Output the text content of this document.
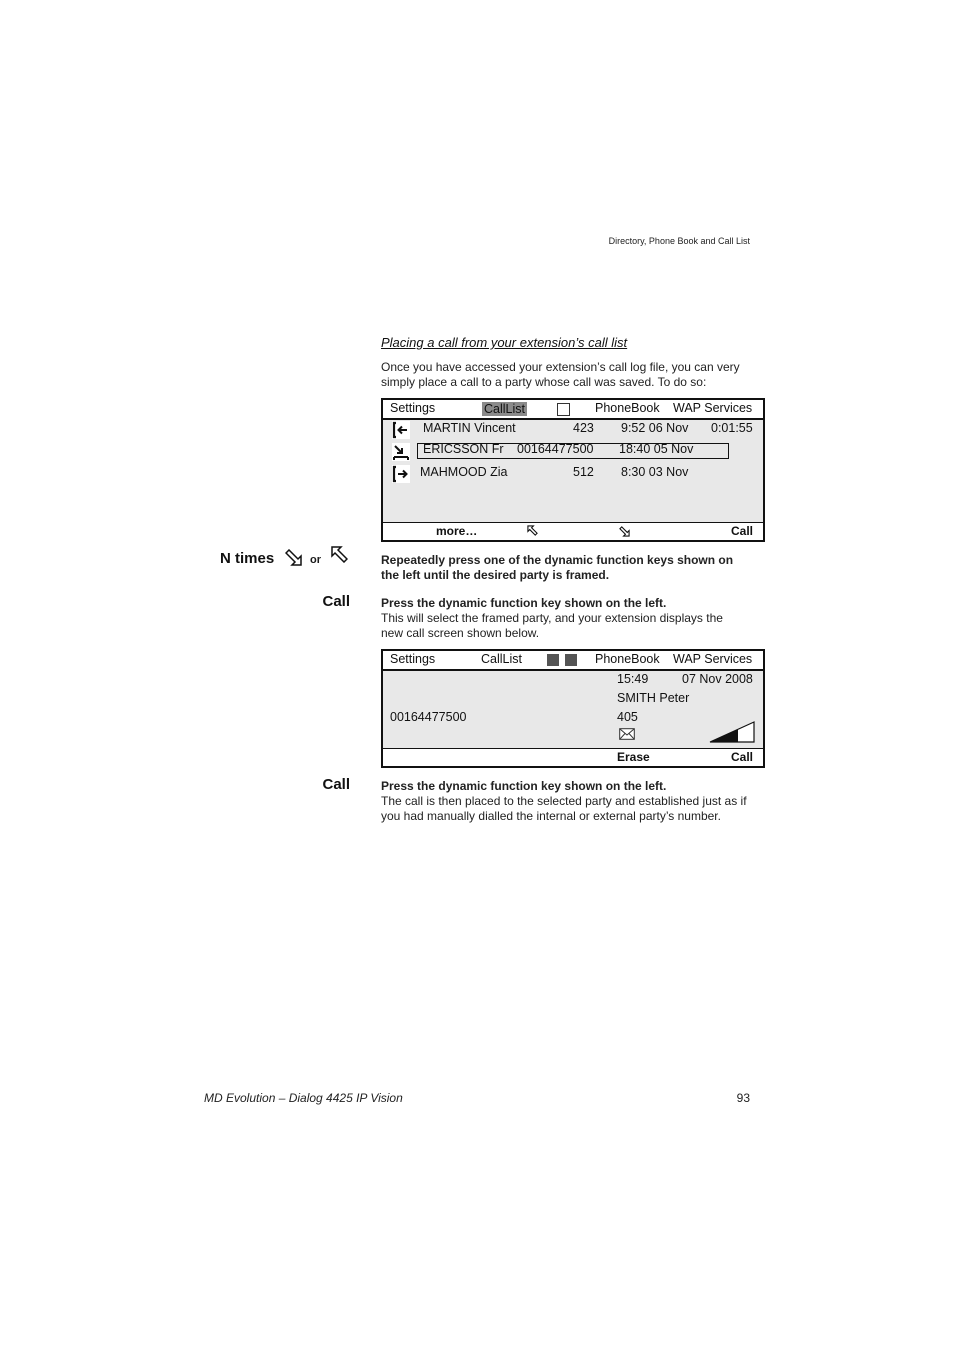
Directory, Phone Book and Call List
Placing a call from your extension’s call list
Once you have accessed your extension’s call log file, you can very simply place a call to a party whose call was saved. To do so:
Settings	CallList	PhoneBook WAP Services
MARTIN Vincent	423 9:52 06 Nov 0:01:55
ERICSSON Fr 00164477500 18:40 05 Nov
MAHMOOD Zia	512 8:30 03 Nov
more…	Call
N times	or	Repeatedly press one of the dynamic function keys shown on the left until the desired party is framed.
Call	Press the dynamic function key shown on the left.
This will select the framed party, and your extension displays the new call screen shown below.
Settings	CallList	PhoneBook WAP Services
15:49	07 Nov 2008
SMITH Peter
00164477500	405
Erase	Call
Call	Press the dynamic function key shown on the left.
The call is then placed to the selected party and established just as if you had manually dialled the internal or external party’s number.
MD Evolution – Dialog 4425 IP Vision	93
